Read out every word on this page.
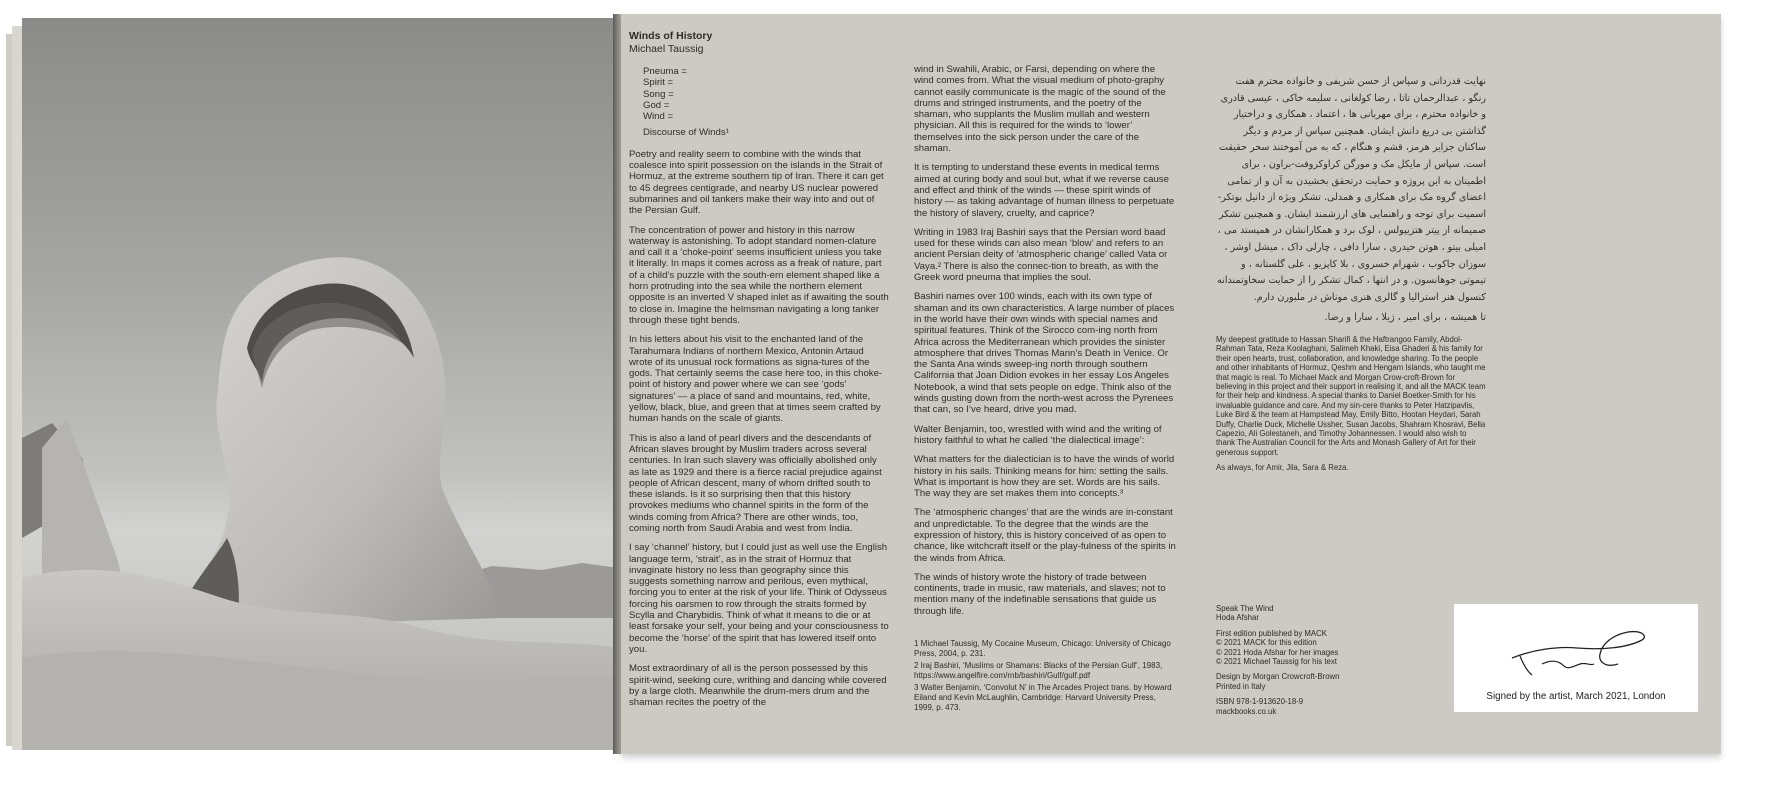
Winds of History
Michael Taussig
Pneuma =
Spirit =
Song =
God =
Wind =
Discourse of Winds¹

Poetry and reality seem to combine with the winds that coalesce into spirit possession on the islands in the Strait of Hormuz, at the extreme southern tip of Iran. There it can get to 45 degrees centigrade, and nearby US nuclear powered submarines and oil tankers make their way into and out of the Persian Gulf.

The concentration of power and history in this narrow waterway is astonishing. To adopt standard nomen-clature and call it a ‘choke-point’ seems insufficient unless you take it literally. In maps it comes across as a freak of nature, part of a child’s puzzle with the south-ern element shaped like a horn protruding into the sea while the northern element opposite is an inverted V shaped inlet as if awaiting the south to close in. Imagine the helmsman navigating a long tanker through these tight bends.

In his letters about his visit to the enchanted land of the Tarahumara Indians of northern Mexico, Antonin Artaud wrote of its unusual rock formations as signa-tures of the gods. That certainly seems the case here too, in this choke-point of history and power where we can see ‘gods’ signatures’ — a place of sand and mountains, red, white, yellow, black, blue, and green that at times seem crafted by human hands on the scale of giants.

This is also a land of pearl divers and the descendants of African slaves brought by Muslim traders across several centuries. In Iran such slavery was officially abolished only as late as 1929 and there is a fierce racial prejudice against people of African descent, many of whom drifted south to these islands. Is it so surprising then that this history provokes mediums who channel spirits in the form of the winds coming from Africa? There are other winds, too, coming north from Saudi Arabia and west from India.

I say ‘channel’ history, but I could just as well use the English language term, ‘strait’, as in the strait of Hormuz that invaginate history no less than geography since this suggests something narrow and perilous, even mythical, forcing you to enter at the risk of your life. Think of Odysseus forcing his oarsmen to row through the straits formed by Scylla and Charybidis. Think of what it means to die or at least forsake your self, your being and your consciousness to become the ‘horse’ of the spirit that has lowered itself onto you.

Most extraordinary of all is the person possessed by this spirit-wind, seeking cure, writhing and dancing while covered by a large cloth. Meanwhile the drum-mers drum and the shaman recites the poetry of the

wind in Swahili, Arabic, or Farsi, depending on where the wind comes from. What the visual medium of photo-graphy cannot easily communicate is the magic of the sound of the drums and stringed instruments, and the poetry of the shaman, who supplants the Muslim mullah and western physician. All this is required for the winds to ‘lower’ themselves into the sick person under the care of the shaman.

It is tempting to understand these events in medical terms aimed at curing body and soul but, what if we reverse cause and effect and think of the winds — these spirit winds of history — as taking advantage of human illness to perpetuate the history of slavery, cruelty, and caprice?

Writing in 1983 Iraj Bashiri says that the Persian word baad used for these winds can also mean ‘blow’ and refers to an ancient Persian deity of ‘atmospheric change’ called Vata or Vaya.² There is also the connec-tion to breath, as with the Greek word pneuma that implies the soul.

Bashiri names over 100 winds, each with its own type of shaman and its own characteristics. A large number of places in the world have their own winds with special names and spiritual features. Think of the Sirocco com-ing north from Africa across the Mediterranean which provides the sinister atmosphere that drives Thomas Mann’s Death in Venice. Or the Santa Ana winds sweep-ing north through southern California that Joan Didion evokes in her essay Los Angeles Notebook, a wind that sets people on edge. Think also of the winds gusting down from the north-west across the Pyrenees that can, so I’ve heard, drive you mad.

Walter Benjamin, too, wrestled with wind and the writing of history faithful to what he called ‘the dialectical image’:

What matters for the dialectician is to have the winds of world history in his sails. Thinking means for him: setting the sails. What is important is how they are set. Words are his sails. The way they are set makes them into concepts.³

The ‘atmospheric changes’ that are the winds are in-constant and unpredictable. To the degree that the winds are the expression of history, this is history conceived of as open to chance, like witchcraft itself or the play-fulness of the spirits in the winds from Africa.

The winds of history wrote the history of trade between continents, trade in music, raw materials, and slaves; not to mention many of the indefinable sensations that guide us through life.

1 Michael Taussig, My Cocaine Museum, Chicago: University of Chicago Press, 2004, p. 231.
2 Iraj Bashiri, ‘Muslims or Shamans: Blacks of the Persian Gulf’, 1983, https://www.angelfire.com/rnb/bashiri/Gulf/gulf.pdf
3 Walter Benjamin, ‘Convolut N’ in The Arcades Project trans. by Howard Eiland and Kevin McLaughlin, Cambridge: Harvard University Press, 1999, p. 473.
نهایت قدردانی و سپاس از حسن شریفی و خانواده محترم هفت رنگو ، عبدالرحمان تاتا ، رضا کولغانی ، سلیمه خاکی ، عیسی قادری و خانواده محترم ، برای مهربانی ها ، اعتماد ، همکاری و دراختیار گذاشتن بی دریغ دانش ایشان. همچنین سپاس از مردم و دیگر ساکنان جزایر هرمز، قشم و هنگام ، که به من آموختند سحر حقیقت است. سپاس از مایکل مک و مورگن کراوکروفت-براون ، برای اطمینان به این پروژه و حمایت درتحقق بخشیدن به آن و از تمامی اعضای گروه مک برای همکاری و همدلی. تشکر ویژه از دانیل بوتکر- اسمیت برای توجه و راهنمایی های ارزشمند ایشان. و همچنین تشکر صمیمانه از پیتر هتزیپولس ، لوک برد و همکارانشان در همپستد می ، امیلی بیتو ، هوتن حیدری ، سارا دافی ، چارلی داک ، میشل اوشر ، سوزان جاکوب ، شهرام خسروی ، بلا کاپزیو ، علی گلستانه ، و تیموتی جوهانسون. و در انتها ، کمال تشکر را از حمایت سخاوتمندانه کنسول هنر استرالیا و گالری هنری موناش در ملبورن دارم.
تا همیشه ، برای امیر ، ژیلا ، سارا و رضا.
My deepest gratitude to Hassan Sharifi & the Haftrangoo Family, Abdol-Rahman Tata, Reza Koolaghani, Salimeh Khaki, Eisa Ghaderi & his family for their open hearts, trust, collaboration, and knowledge sharing. To the people and other inhabitants of Hormuz, Qeshm and Hengam Islands, who taught me that magic is real. To Michael Mack and Morgan Crow-croft-Brown for believing in this project and their support in realising it, and all the MACK team for their help and kindness. A special thanks to Daniel Boetker-Smith for his invaluable guidance and care. And my sin-cere thanks to Peter Hatzipavlis, Luke Bird & the team at Hampstead May, Emily Bitto, Hootan Heydari, Sarah Duffy, Charlie Duck, Michelle Ussher, Susan Jacobs, Shahram Khosravi, Bella Capezio, Ali Golestaneh, and Timothy Johannessen. I would also wish to thank The Australian Council for the Arts and Monash Gallery of Art for their generous support.
As always, for Amir, Jila, Sara & Reza.
Speak The Wind
Hoda Afshar
First edition published by MACK
© 2021 MACK for this edition
© 2021 Hoda Afshar for her images
© 2021 Michael Taussig for his text
Design by Morgan Crowcroft-Brown
Printed in Italy
ISBN 978-1-913620-18-9
mackbooks.co.uk
Signed by the artist, March 2021, London
